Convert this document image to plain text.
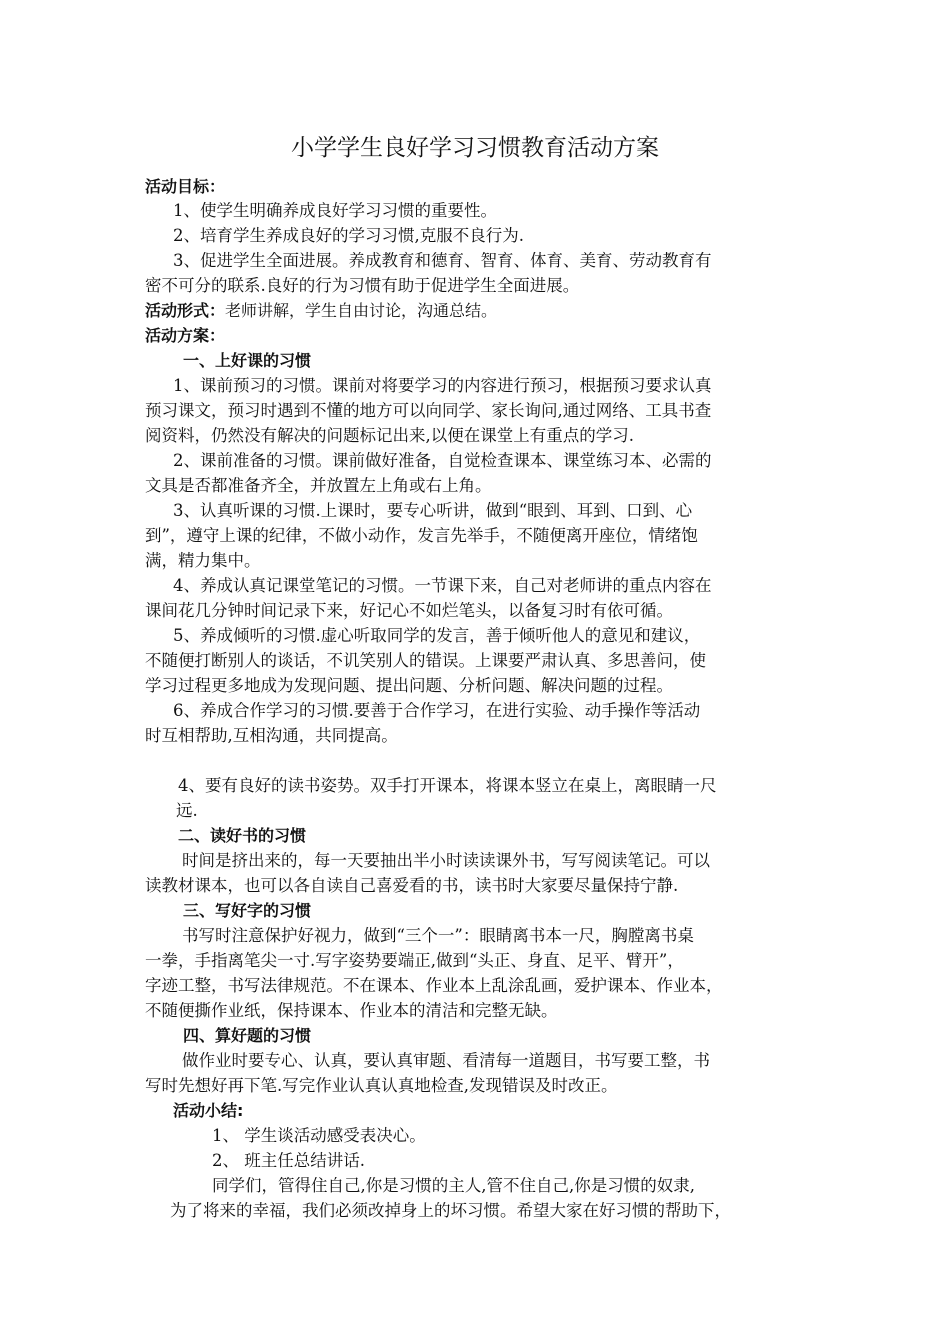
小学学生良好学习习惯教育活动方案
活动目标：
1、使学生明确养成良好学习习惯的重要性。
2、培育学生养成良好的学习习惯,克服不良行为.
3、促进学生全面进展。养成教育和德育、智育、体育、美育、劳动教育有
密不可分的联系.良好的行为习惯有助于促进学生全面进展。
活动形式：老师讲解，学生自由讨论，沟通总结。
活动方案：
一、上好课的习惯
1、课前预习的习惯。课前对将要学习的内容进行预习，根据预习要求认真
预习课文，预习时遇到不懂的地方可以向同学、家长询问,通过网络、工具书查
阅资料，仍然没有解决的问题标记出来,以便在课堂上有重点的学习.
2、课前准备的习惯。课前做好准备，自觉检查课本、课堂练习本、必需的
文具是否都准备齐全，并放置左上角或右上角。
3、认真听课的习惯.上课时，要专心听讲，做到“眼到、耳到、口到、心
到”，遵守上课的纪律，不做小动作，发言先举手，不随便离开座位，情绪饱
满，精力集中。
4、养成认真记课堂笔记的习惯。一节课下来，自己对老师讲的重点内容在
课间花几分钟时间记录下来，好记心不如烂笔头，以备复习时有依可循。
5、养成倾听的习惯.虚心听取同学的发言，善于倾听他人的意见和建议，
不随便打断别人的谈话，不讥笑别人的错误。上课要严肃认真、多思善问，使
学习过程更多地成为发现问题、提出问题、分析问题、解决问题的过程。
6、养成合作学习的习惯.要善于合作学习，在进行实验、动手操作等活动
时互相帮助,互相沟通，共同提高。
4、要有良好的读书姿势。双手打开课本，将课本竖立在桌上，离眼睛一尺
远.
二、读好书的习惯
时间是挤出来的，每一天要抽出半小时读读课外书，写写阅读笔记。可以
读教材课本，也可以各自读自己喜爱看的书，读书时大家要尽量保持宁静.
三、写好字的习惯
书写时注意保护好视力，做到“三个一”：眼睛离书本一尺，胸膛离书桌
一拳，手指离笔尖一寸.写字姿势要端正,做到“头正、身直、足平、臂开”，
字迹工整，书写法律规范。不在课本、作业本上乱涂乱画，爱护课本、作业本，
不随便撕作业纸，保持课本、作业本的清洁和完整无缺。
四、算好题的习惯
做作业时要专心、认真，要认真审题、看清每一道题目，书写要工整，书
写时先想好再下笔.写完作业认真认真地检查,发现错误及时改正。
活动小结:
1、 学生谈活动感受表决心。
2、 班主任总结讲话.
同学们，管得住自己,你是习惯的主人,管不住自己,你是习惯的奴隶,
为了将来的幸福，我们必须改掉身上的坏习惯。希望大家在好习惯的帮助下，
